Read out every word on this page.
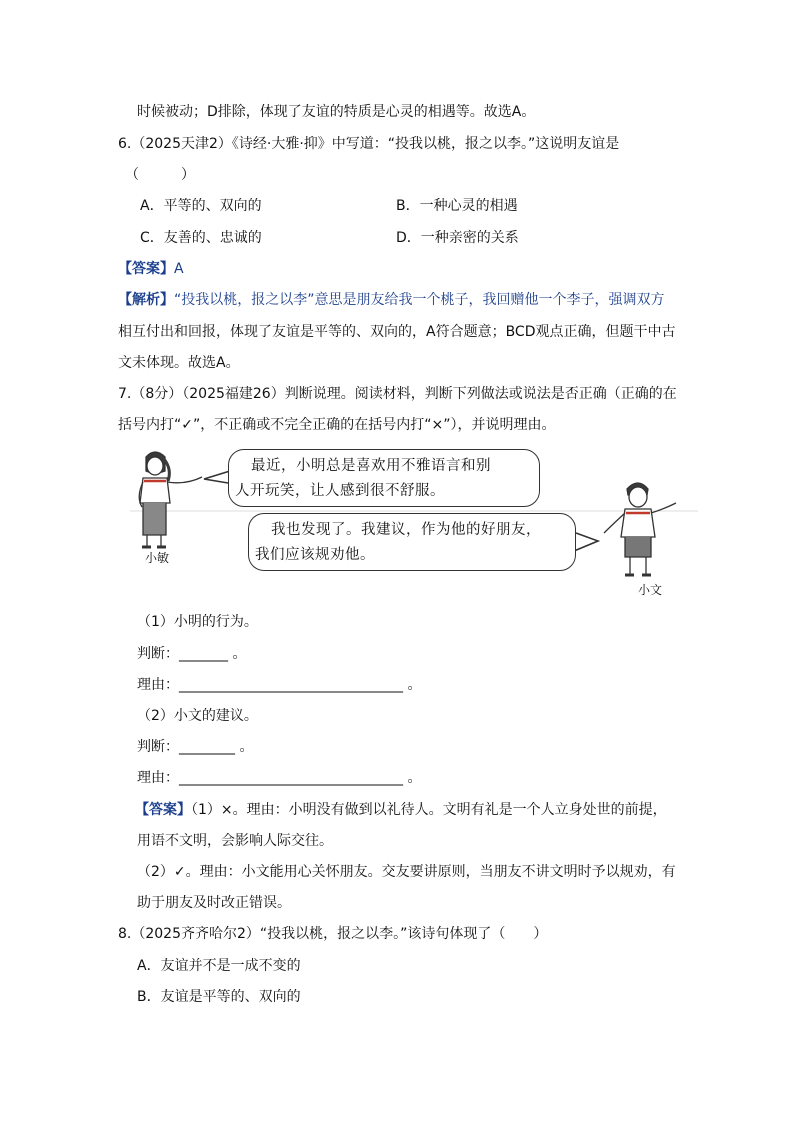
时候被动；D排除，体现了友谊的特质是心灵的相遇等。故选A。
6.（2025天津2）《诗经·大雅·抑》中写道：“投我以桃，报之以李。”这说明友谊是
（　　　）
A．平等的、双向的	B．一种心灵的相遇
C．友善的、忠诚的	D．一种亲密的关系
【答案】A
【解析】“投我以桃，报之以李”意思是朋友给我一个桃子，我回赠他一个李子，强调双方
相互付出和回报，体现了友谊是平等的、双向的，A符合题意；BCD观点正确，但题干中古
文未体现。故选A。
7.（8分）（2025福建26）判断说理。阅读材料，判断下列做法或说法是否正确（正确的在
括号内打“✓”，不正确或不完全正确的在括号内打“×”），并说明理由。
最近，小明总是喜欢用不雅语言和别
人开玩笑，让人感到很不舒服。
我也发现了。我建议，作为他的好朋友，
我们应该规劝他。
小敏
小文
（1）小明的行为。
判断：_______ 。
理由：________________________________ 。
（2）小文的建议。
判断：________ 。
理由：________________________________ 。
【答案】（1）×。理由：小明没有做到以礼待人。文明有礼是一个人立身处世的前提，
用语不文明，会影响人际交往。
（2）✓。理由：小文能用心关怀朋友。交友要讲原则，当朋友不讲文明时予以规劝，有
助于朋友及时改正错误。
8.（2025齐齐哈尔2）“投我以桃，报之以李。”该诗句体现了（　　）
A．友谊并不是一成不变的
B．友谊是平等的、双向的
